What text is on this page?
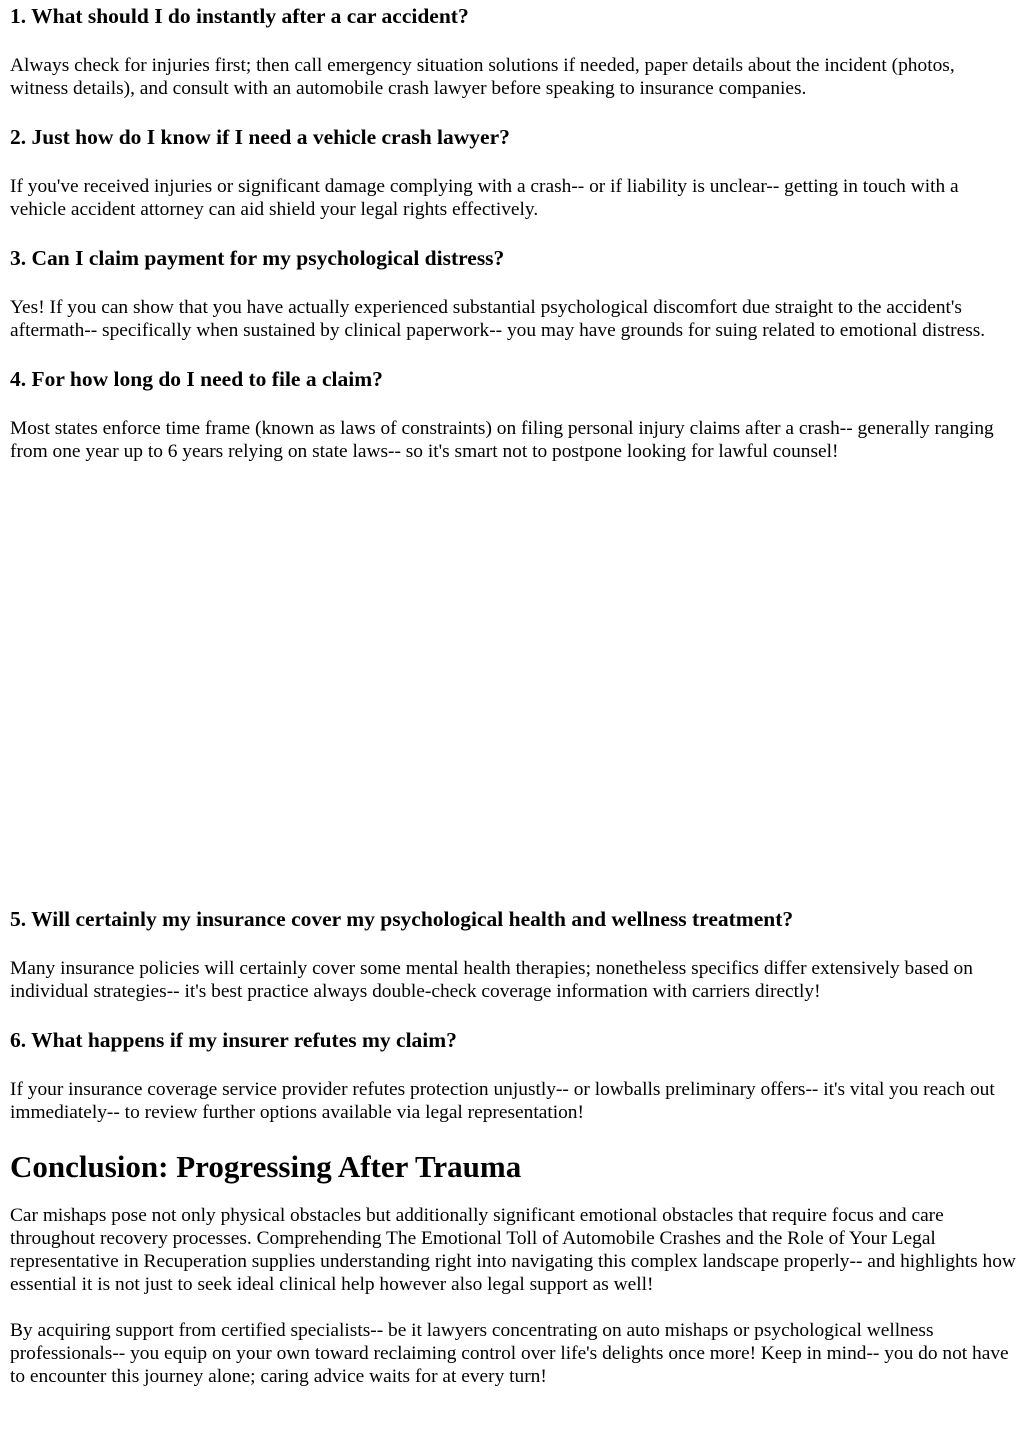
1. What should I do instantly after a car accident?

Always check for injuries first; then call emergency situation solutions if needed, paper details about the incident (photos, witness details), and consult with an automobile crash lawyer before speaking to insurance companies.

2. Just how do I know if I need a vehicle crash lawyer?

If you've received injuries or significant damage complying with a crash-- or if liability is unclear-- getting in touch with a vehicle accident attorney can aid shield your legal rights effectively.

3. Can I claim payment for my psychological distress?

Yes! If you can show that you have actually experienced substantial psychological discomfort due straight to the accident's aftermath-- specifically when sustained by clinical paperwork-- you may have grounds for suing related to emotional distress.

4. For how long do I need to file a claim?

Most states enforce time frame (known as laws of constraints) on filing personal injury claims after a crash-- generally ranging from one year up to 6 years relying on state laws-- so it's smart not to postpone looking for lawful counsel!

5. Will certainly my insurance cover my psychological health and wellness treatment?

Many insurance policies will certainly cover some mental health therapies; nonetheless specifics differ extensively based on individual strategies-- it's best practice always double-check coverage information with carriers directly!

6. What happens if my insurer refutes my claim?

If your insurance coverage service provider refutes protection unjustly-- or lowballs preliminary offers-- it's vital you reach out immediately-- to review further options available via legal representation!

Conclusion: Progressing After Trauma

Car mishaps pose not only physical obstacles but additionally significant emotional obstacles that require focus and care throughout recovery processes. Comprehending The Emotional Toll of Automobile Crashes and the Role of Your Legal representative in Recuperation supplies understanding right into navigating this complex landscape properly-- and highlights how essential it is not just to seek ideal clinical help however also legal support as well!

By acquiring support from certified specialists-- be it lawyers concentrating on auto mishaps or psychological wellness professionals-- you equip on your own toward reclaiming control over life's delights once more! Keep in mind-- you do not have to encounter this journey alone; caring advice waits for at every turn!
